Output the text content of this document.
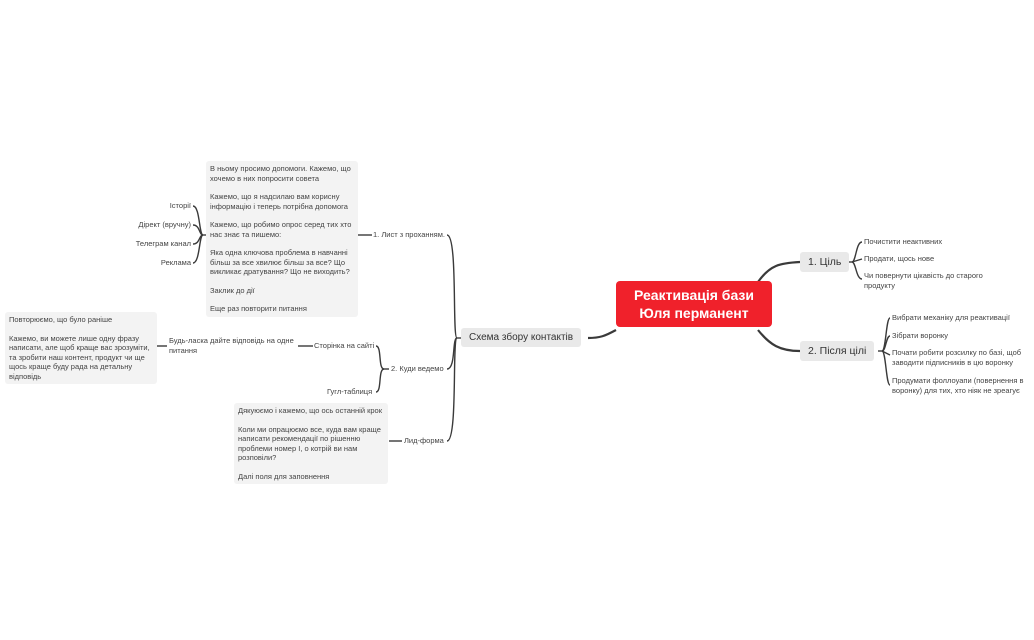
Реактивація бази
Юля перманент
1. Ціль
Почистити неактивних
Продати, щось нове
Чи повернути цікавість до старого продукту
2. Після цілі
Вибрати механіку для реактивації
Зібрати воронку
Почати робити розсилку по базі, щоб заводити підписників в цю воронку
Продумати фоллоуапи (повернення в воронку) для тих, хто ніяк не зреагує
Схема збору контактів
1. Лист з проханням.

В ньому просимо допомоги. Кажемо, що хочемо в них попросити совета

Кажемо, що я надсилаю вам корисну інформацію і теперь потрібна допомога

Кажемо, що робимо опрос серед тих хто нас знає та пишемо:

Яка одна ключова проблема в навчанні більш за все хвилює більш за все? Що викликає дратування? Що не виходить?

Заклик до дії

Еще раз повторити питання

Історії
Дірект (вручну)
Телеграм канал
Реклама
2. Куди ведемо
Сторінка на сайті
Будь-ласка дайте відповідь на одне питання

Повторюємо, що було раніше

Кажемо, ви можете лише одну фразу написати, але щоб краще вас зрозуміти, та зробити наш контент, продукт чи ще щось краще буду рада на детальну відповідь

Гугл-таблиця
Лид-форма

Дякуюємо і кажемо, що ось останній крок

Коли ми опрацюємо все, куда вам краще написати рекомендації по рішенню проблеми номер І, о котрій ви нам розповіли?

Далі поля для заповнення
